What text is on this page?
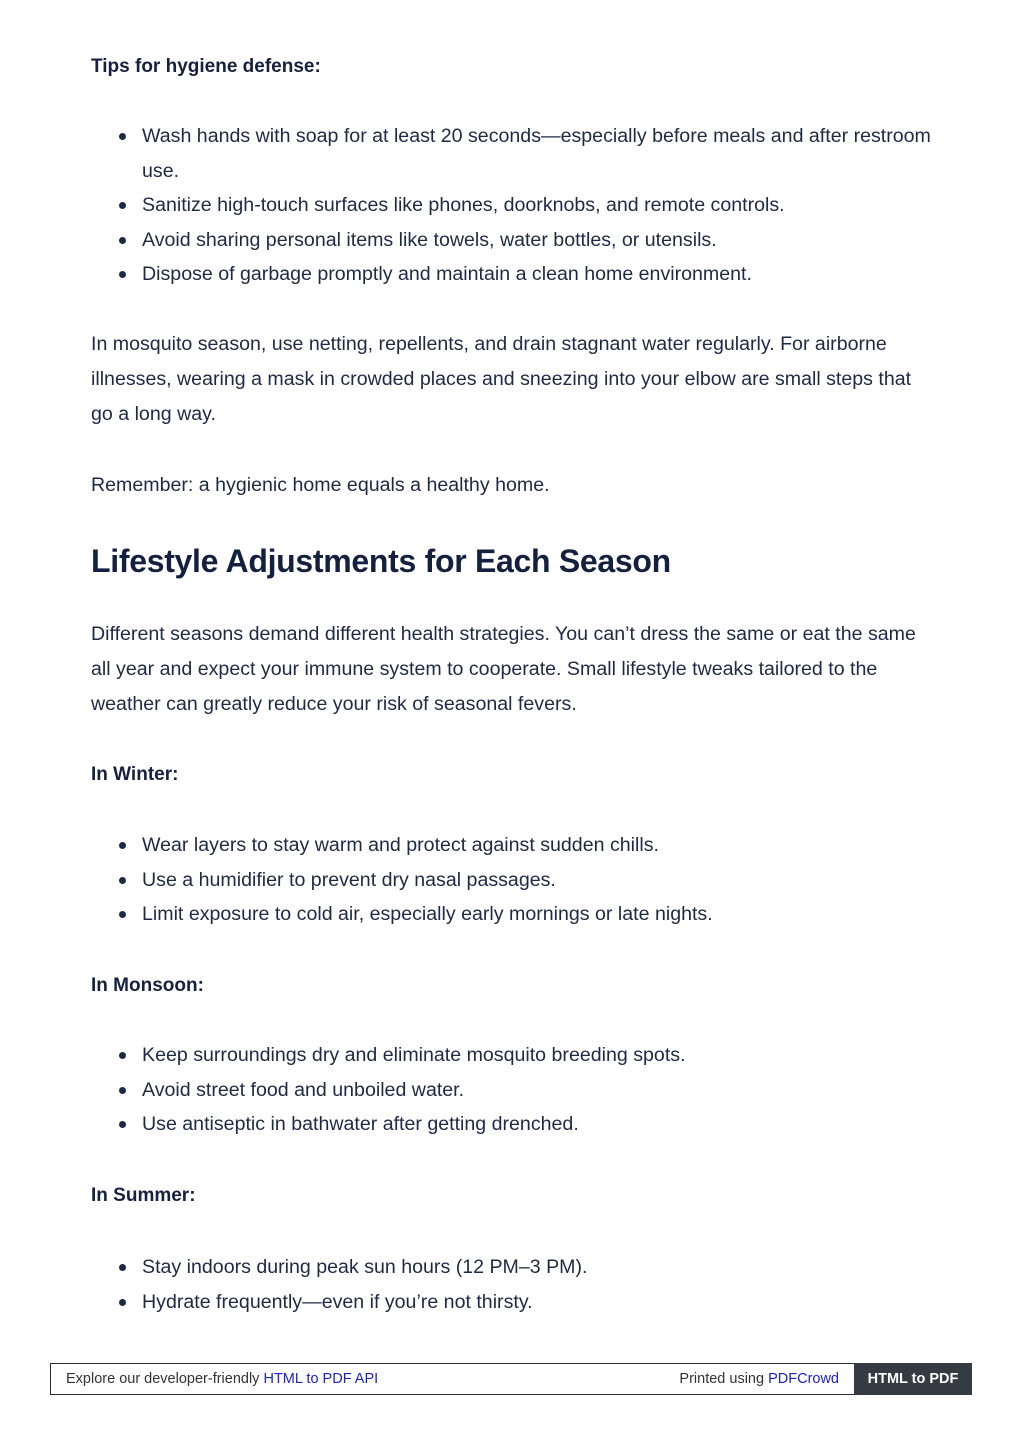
Tips for hygiene defense:

Wash hands with soap for at least 20 seconds—especially before meals and after restroom use.
Sanitize high-touch surfaces like phones, doorknobs, and remote controls.
Avoid sharing personal items like towels, water bottles, or utensils.
Dispose of garbage promptly and maintain a clean home environment.

In mosquito season, use netting, repellents, and drain stagnant water regularly. For airborne illnesses, wearing a mask in crowded places and sneezing into your elbow are small steps that go a long way.

Remember: a hygienic home equals a healthy home.

Lifestyle Adjustments for Each Season

Different seasons demand different health strategies. You can’t dress the same or eat the same all year and expect your immune system to cooperate. Small lifestyle tweaks tailored to the weather can greatly reduce your risk of seasonal fevers.

In Winter:

Wear layers to stay warm and protect against sudden chills.
Use a humidifier to prevent dry nasal passages.
Limit exposure to cold air, especially early mornings or late nights.

In Monsoon:

Keep surroundings dry and eliminate mosquito breeding spots.
Avoid street food and unboiled water.
Use antiseptic in bathwater after getting drenched.

In Summer:

Stay indoors during peak sun hours (12 PM–3 PM).
Hydrate frequently—even if you’re not thirsty.
Explore our developer-friendly HTML to PDF API	Printed using PDFCrowd	HTML to PDF
